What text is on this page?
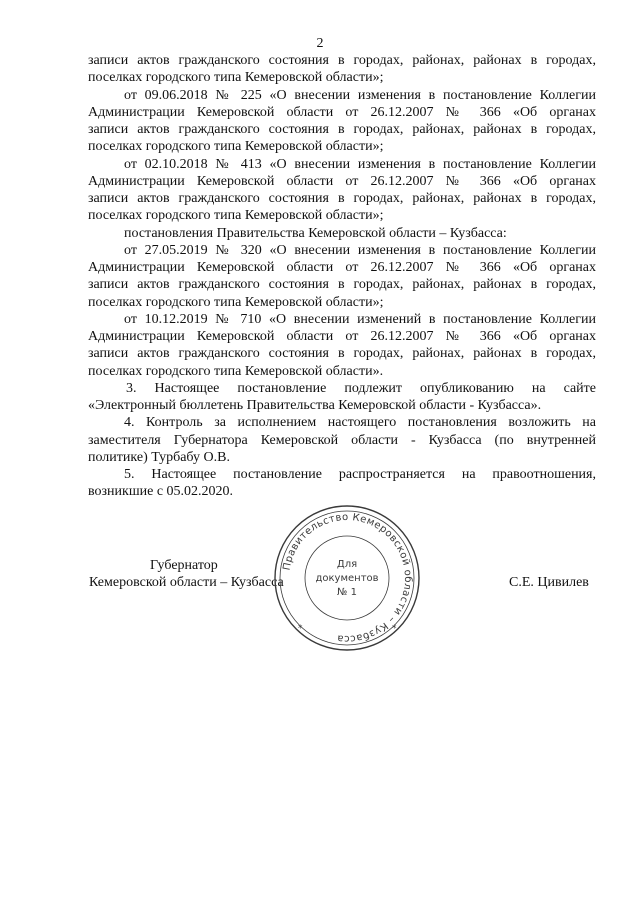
2
записи актов гражданского состояния в городах, районах, районах в городах,
поселках городского типа Кемеровской области»;
от 09.06.2018 № 225 «О внесении изменения в постановление Коллегии
Администрации Кемеровской области от 26.12.2007 № 366 «Об органах
записи актов гражданского состояния в городах, районах, районах в городах,
поселках городского типа Кемеровской области»;
от 02.10.2018 № 413 «О внесении изменения в постановление Коллегии
Администрации Кемеровской области от 26.12.2007 № 366 «Об органах
записи актов гражданского состояния в городах, районах, районах в городах,
поселках городского типа Кемеровской области»;
постановления Правительства Кемеровской области – Кузбасса:
от 27.05.2019 № 320 «О внесении изменения в постановление Коллегии
Администрации Кемеровской области от 26.12.2007 № 366 «Об органах
записи актов гражданского состояния в городах, районах, районах в городах,
поселках городского типа Кемеровской области»;
от 10.12.2019 № 710 «О внесении изменений в постановление Коллегии
Администрации Кемеровской области от 26.12.2007 № 366 «Об органах
записи актов гражданского состояния в городах, районах, районах в городах,
поселках городского типа Кемеровской области».
3. Настоящее постановление подлежит опубликованию на сайте
«Электронный бюллетень Правительства Кемеровской области - Кузбасса».
4. Контроль за исполнением настоящего постановления возложить на
заместителя Губернатора Кемеровской области - Кузбасса (по внутренней
политике) Турбабу О.В.
5. Настоящее постановление распространяется на правоотношения,
возникшие с 05.02.2020.
Губернатор
Кемеровской области – Кузбасса	С.Е. Цивилев
Правительство Кемеровской области – Кузбасса
*
*
Для
документов
№ 1
